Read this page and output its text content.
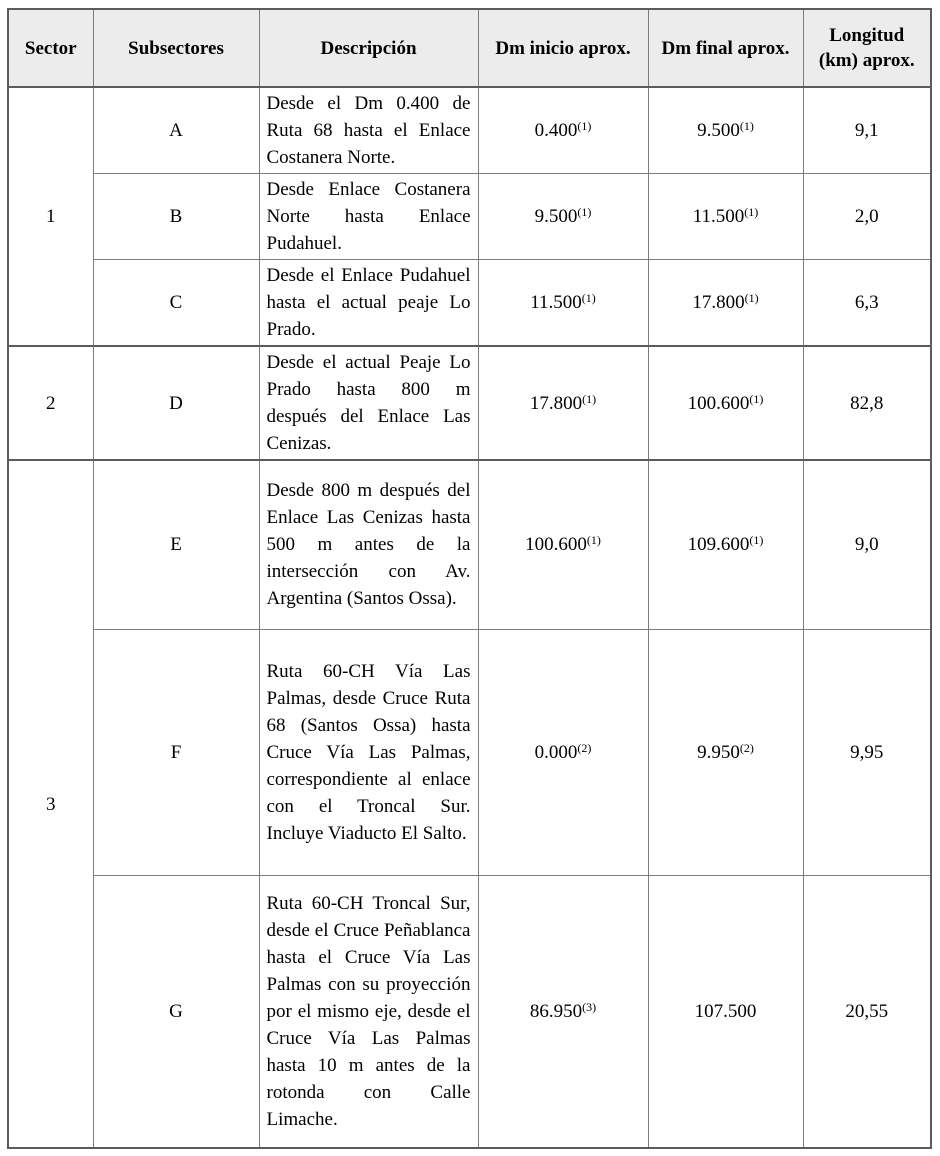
Sector	Subsectores	Descripción	Dm inicio aprox.	Dm final aprox.	Longitud (km) aprox.
1	A	Desde el Dm 0.400 de Ruta 68 hasta el Enlace Costanera Norte.	0.400$^{(1)}$	9.500$^{(1)}$	9,1
	B	Desde Enlace Costanera Norte hasta Enlace Pudahuel.	9.500$^{(1)}$	11.500$^{(1)}$	2,0
	C	Desde el Enlace Pudahuel hasta el actual peaje Lo Prado.	11.500$^{(1)}$	17.800$^{(1)}$	6,3
2	D	Desde el actual Peaje Lo Prado hasta 800 m después del Enlace Las Cenizas.	17.800$^{(1)}$	100.600$^{(1)}$	82,8
3	E	Desde 800 m después del Enlace Las Cenizas hasta 500 m antes de la intersección con Av. Argentina (Santos Ossa).	100.600$^{(1)}$	109.600$^{(1)}$	9,0
	F	Ruta 60-CH Vía Las Palmas, desde Cruce Ruta 68 (Santos Ossa) hasta Cruce Vía Las Palmas, correspondiente al enlace con el Troncal Sur. Incluye Viaducto El Salto.	0.000$^{(2)}$	9.950$^{(2)}$	9,95
	G	Ruta 60-CH Troncal Sur, desde el Cruce Peñablanca hasta el Cruce Vía Las Palmas con su proyección por el mismo eje, desde el Cruce Vía Las Palmas hasta 10 m antes de la rotonda con Calle Limache.	86.950$^{(3)}$	107.500	20,55
